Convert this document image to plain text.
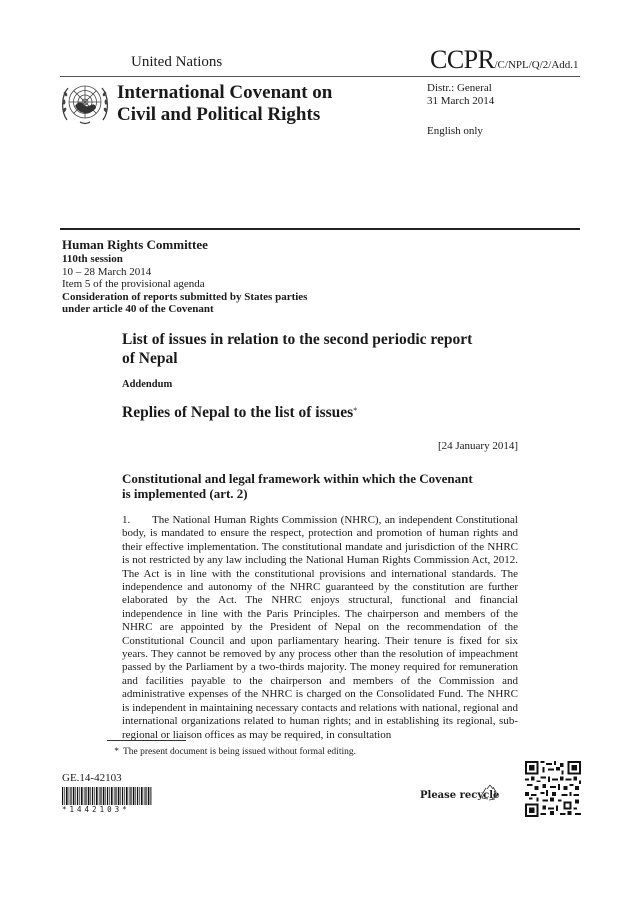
United Nations	CCPR/C/NPL/Q/2/Add.1
International Covenant on
Civil and Political Rights
Distr.: General
31 March 2014
English only
Human Rights Committee
110th session
10 – 28 March 2014
Item 5 of the provisional agenda
Consideration of reports submitted by States parties
under article 40 of the Covenant
List of issues in relation to the second periodic report
of Nepal
Addendum
Replies of Nepal to the list of issues*
[24 January 2014]
Constitutional and legal framework within which the Covenant
is implemented (art. 2)
1. The National Human Rights Commission (NHRC), an independent Constitutional body, is mandated to ensure the respect, protection and promotion of human rights and their effective implementation. The constitutional mandate and jurisdiction of the NHRC is not restricted by any law including the National Human Rights Commission Act, 2012. The Act is in line with the constitutional provisions and international standards. The independence and autonomy of the NHRC guaranteed by the constitution are further elaborated by the Act. The NHRC enjoys structural, functional and financial independence in line with the Paris Principles. The chairperson and members of the NHRC are appointed by the President of Nepal on the recommendation of the Constitutional Council and upon parliamentary hearing. Their tenure is fixed for six years. They cannot be removed by any process other than the resolution of impeachment passed by the Parliament by a two-thirds majority. The money required for remuneration and facilities payable to the chairperson and members of the Commission and administrative expenses of the NHRC is charged on the Consolidated Fund. The NHRC is independent in maintaining necessary contacts and relations with national, regional and international organizations related to human rights; and in establishing its regional, sub-regional or liaison offices as may be required, in consultation
* The present document is being issued without formal editing.
GE.14-42103
*1442103*
Please recycle
